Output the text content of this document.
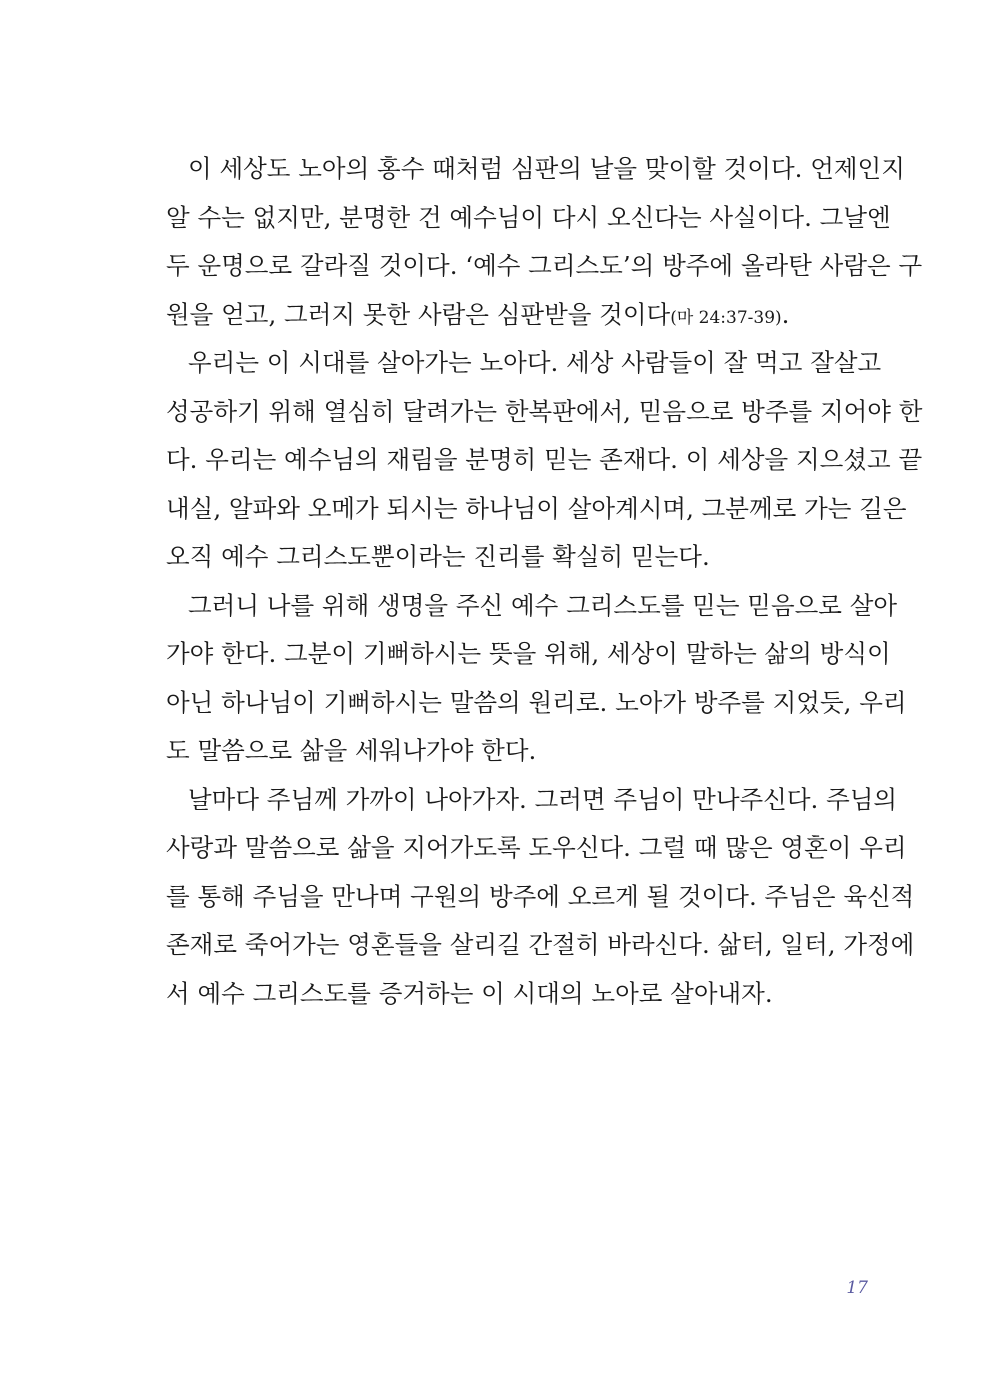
이 세상도 노아의 홍수 때처럼 심판의 날을 맞이할 것이다. 언제인지
알 수는 없지만, 분명한 건 예수님이 다시 오신다는 사실이다. 그날엔
두 운명으로 갈라질 것이다. ‘예수 그리스도’의 방주에 올라탄 사람은 구
원을 얻고, 그러지 못한 사람은 심판받을 것이다(마 24:37-39).

우리는 이 시대를 살아가는 노아다. 세상 사람들이 잘 먹고 잘살고
성공하기 위해 열심히 달려가는 한복판에서, 믿음으로 방주를 지어야 한
다. 우리는 예수님의 재림을 분명히 믿는 존재다. 이 세상을 지으셨고 끝
내실, 알파와 오메가 되시는 하나님이 살아계시며, 그분께로 가는 길은
오직 예수 그리스도뿐이라는 진리를 확실히 믿는다.

그러니 나를 위해 생명을 주신 예수 그리스도를 믿는 믿음으로 살아
가야 한다. 그분이 기뻐하시는 뜻을 위해, 세상이 말하는 삶의 방식이
아닌 하나님이 기뻐하시는 말씀의 원리로. 노아가 방주를 지었듯, 우리
도 말씀으로 삶을 세워나가야 한다.

날마다 주님께 가까이 나아가자. 그러면 주님이 만나주신다. 주님의
사랑과 말씀으로 삶을 지어가도록 도우신다. 그럴 때 많은 영혼이 우리
를 통해 주님을 만나며 구원의 방주에 오르게 될 것이다. 주님은 육신적
존재로 죽어가는 영혼들을 살리길 간절히 바라신다. 삶터, 일터, 가정에
서 예수 그리스도를 증거하는 이 시대의 노아로 살아내자.

17
